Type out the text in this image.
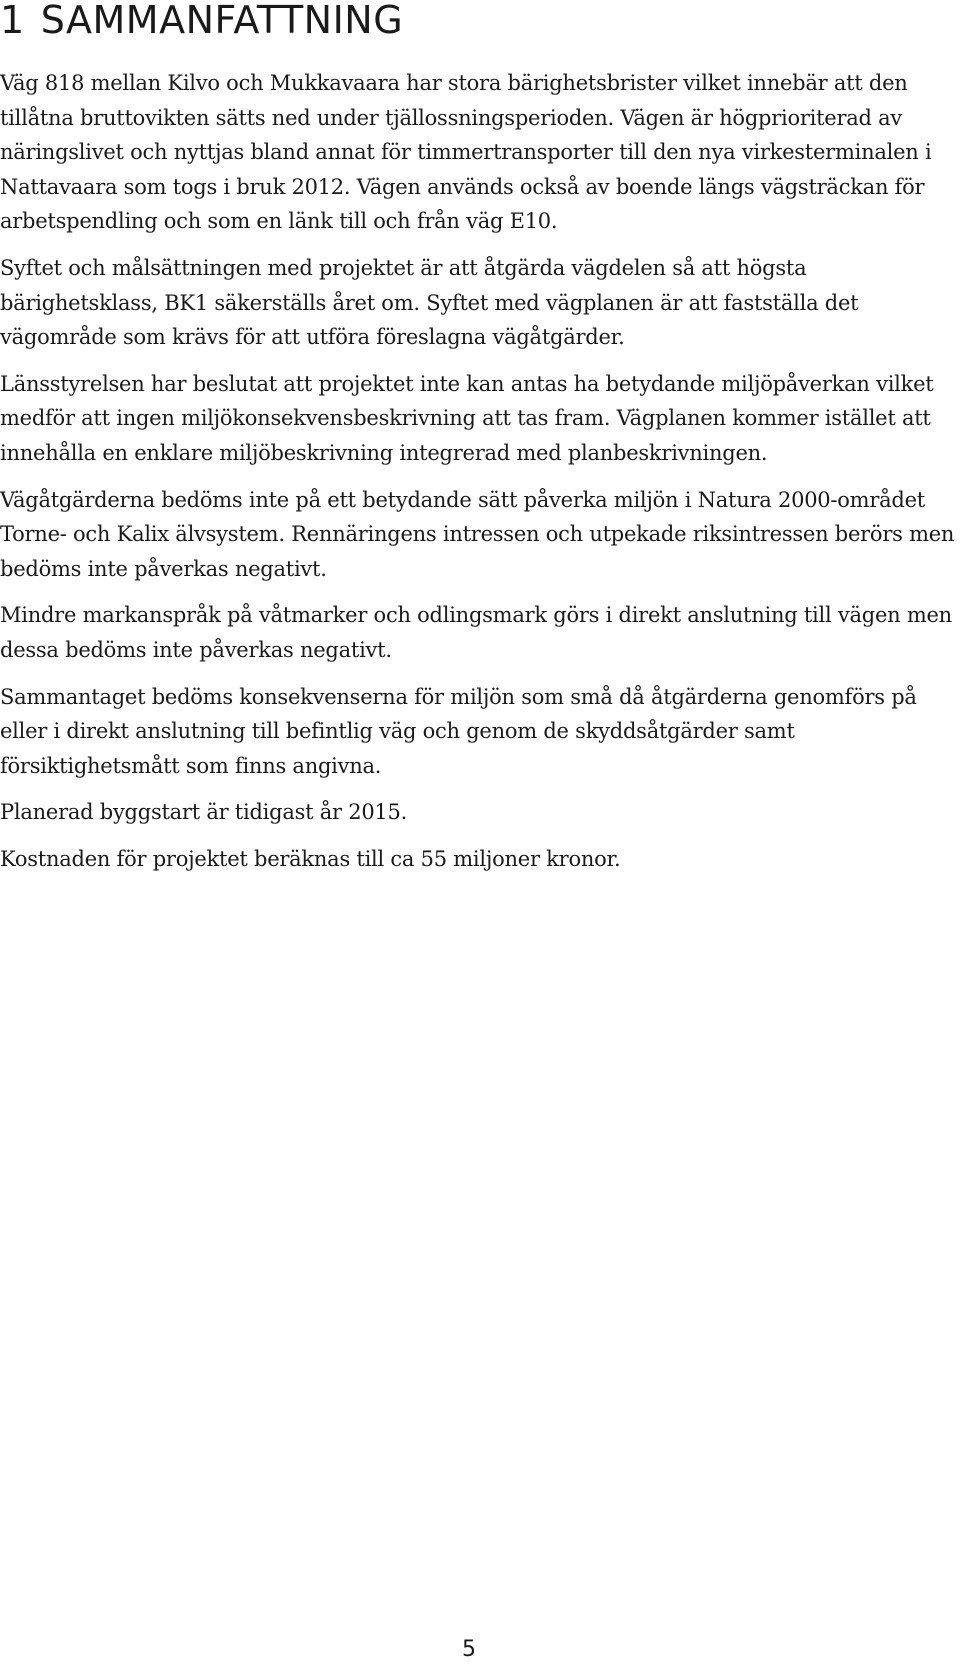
1 SAMMANFATTNING

Väg 818 mellan Kilvo och Mukkavaara har stora bärighetsbrister vilket innebär att den tillåtna bruttovikten sätts ned under tjällossningsperioden. Vägen är högprioriterad av näringslivet och nyttjas bland annat för timmertransporter till den nya virkesterminalen i Nattavaara som togs i bruk 2012. Vägen används också av boende längs vägsträckan för arbetspendling och som en länk till och från väg E10.

Syftet och målsättningen med projektet är att åtgärda vägdelen så att högsta bärighetsklass, BK1 säkerställs året om. Syftet med vägplanen är att fastställa det vägområde som krävs för att utföra föreslagna vägåtgärder.

Länsstyrelsen har beslutat att projektet inte kan antas ha betydande miljöpåverkan vilket medför att ingen miljökonsekvensbeskrivning att tas fram. Vägplanen kommer istället att innehålla en enklare miljöbeskrivning integrerad med planbeskrivningen.

Vägåtgärderna bedöms inte på ett betydande sätt påverka miljön i Natura 2000-området Torne- och Kalix älvsystem. Rennäringens intressen och utpekade riksintressen berörs men bedöms inte påverkas negativt.

Mindre markanspråk på våtmarker och odlingsmark görs i direkt anslutning till vägen men dessa bedöms inte påverkas negativt.

Sammantaget bedöms konsekvenserna för miljön som små då åtgärderna genomförs på eller i direkt anslutning till befintlig väg och genom de skyddsåtgärder samt försiktighetsmått som finns angivna.

Planerad byggstart är tidigast år 2015.

Kostnaden för projektet beräknas till ca 55 miljoner kronor.

5
